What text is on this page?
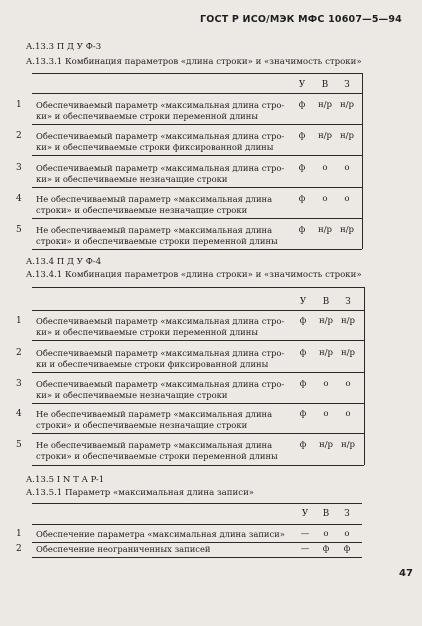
ГОСТ Р ИСО/МЭК МФС 10607—5—94
A.13.3 П Д У Ф-3
A.13.3.1 Комбинация параметров «длина строки» и «значимость строки»
У	В	З
1 Обеспечиваемый параметр «максимальная длина стро-
ки» и обеспечиваемые строки переменной длины
ф	н/р н/р
2 Обеспечиваемый параметр «максимальная длина стро-
ки» и обеспечиваемые строки фиксированной длины
ф	н/р н/р
3 Обеспечиваемый параметр «максимальная длина стро-
ки» и обеспечиваемые незначащие строки
ф	о	о
4 Не обеспечиваемый параметр «максимальная длина
строки» и обеспечиваемые незначащие строки
ф	о	о
5 Не обеспечиваемый параметр «максимальная длина
строки» и обеспечиваемые строки переменной длины
ф	н/р н/р
A.13.4 П Д У Ф-4
A.13.4.1 Комбинация параметров «длина строки» и «значимость строки»
У	В	З
1 Обеспечиваемый параметр «максимальная длина стро-
ки» и обеспечиваемые строки переменной длины
ф	н/р н/р
2 Обеспечиваемый параметр «максимальная длина стро-
ки и обеспечиваемые строки фиксированной длины
ф	н/р н/р
3 Обеспечиваемый параметр «максимальная длина стро-
ки» и обеспечиваемые незначащие строки
ф	о	о
4 Не обеспечиваемый параметр «максимальная длина
строки» и обеспечиваемые незначащие строки
ф	о	о
5 Не обеспечиваемый параметр «максимальная длина
строки» и обеспечиваемые строки переменной длины
ф	н/р н/р
A.13.5 I N T A P-1
A.13.5.1 Параметр «максимальная длина записи»
У	В	З
1 Обеспечение параметра «максимальная длина записи»	—	о	о
2 Обеспечение неограниченных записей	—	ф	ф
47
